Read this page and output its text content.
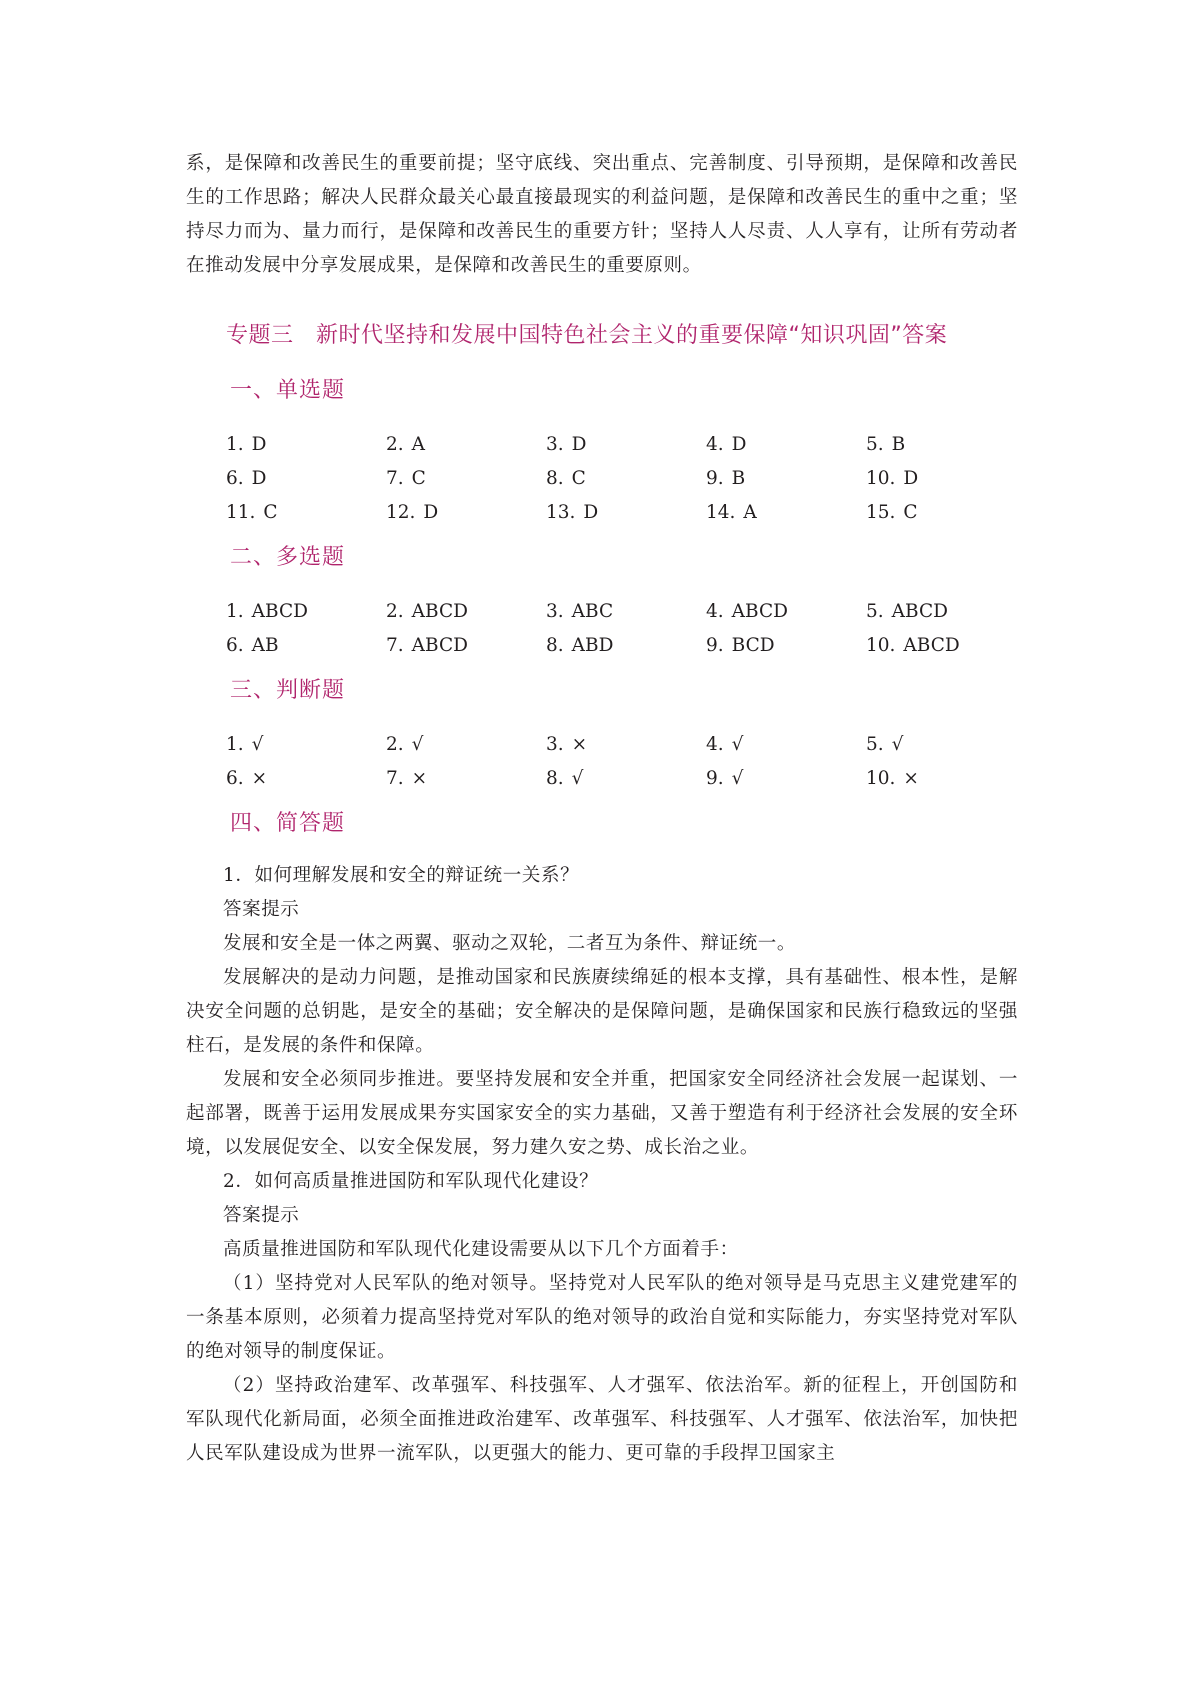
系，是保障和改善民生的重要前提；坚守底线、突出重点、完善制度、引导预期，是保障和改善民生的工作思路；解决人民群众最关心最直接最现实的利益问题，是保障和改善民生的重中之重；坚持尽力而为、量力而行，是保障和改善民生的重要方针；坚持人人尽责、人人享有，让所有劳动者在推动发展中分享发展成果，是保障和改善民生的重要原则。

专题三　新时代坚持和发展中国特色社会主义的重要保障“知识巩固”答案
一、单选题
1. D	2. A	3. D	4. D	5. B
6. D	7. C	8. C	9. B	10. D
11. C	12. D	13. D	14. A	15. C
二、多选题
1. ABCD	2. ABCD	3. ABC	4. ABCD	5. ABCD
6. AB	7. ABCD	8. ABD	9. BCD	10. ABCD
三、判断题
1. √	2. √	3. ×	4. √	5. √
6. ×	7. ×	8. √	9. √	10. ×
四、简答题

1．如何理解发展和安全的辩证统一关系？

答案提示

发展和安全是一体之两翼、驱动之双轮，二者互为条件、辩证统一。

发展解决的是动力问题，是推动国家和民族赓续绵延的根本支撑，具有基础性、根本性，是解决安全问题的总钥匙，是安全的基础；安全解决的是保障问题，是确保国家和民族行稳致远的坚强柱石，是发展的条件和保障。

发展和安全必须同步推进。要坚持发展和安全并重，把国家安全同经济社会发展一起谋划、一起部署，既善于运用发展成果夯实国家安全的实力基础，又善于塑造有利于经济社会发展的安全环境，以发展促安全、以安全保发展，努力建久安之势、成长治之业。

2．如何高质量推进国防和军队现代化建设？

答案提示

高质量推进国防和军队现代化建设需要从以下几个方面着手：

（1）坚持党对人民军队的绝对领导。坚持党对人民军队的绝对领导是马克思主义建党建军的一条基本原则，必须着力提高坚持党对军队的绝对领导的政治自觉和实际能力，夯实坚持党对军队的绝对领导的制度保证。

（2）坚持政治建军、改革强军、科技强军、人才强军、依法治军。新的征程上，开创国防和军队现代化新局面，必须全面推进政治建军、改革强军、科技强军、人才强军、依法治军，加快把人民军队建设成为世界一流军队，以更强大的能力、更可靠的手段捍卫国家主
